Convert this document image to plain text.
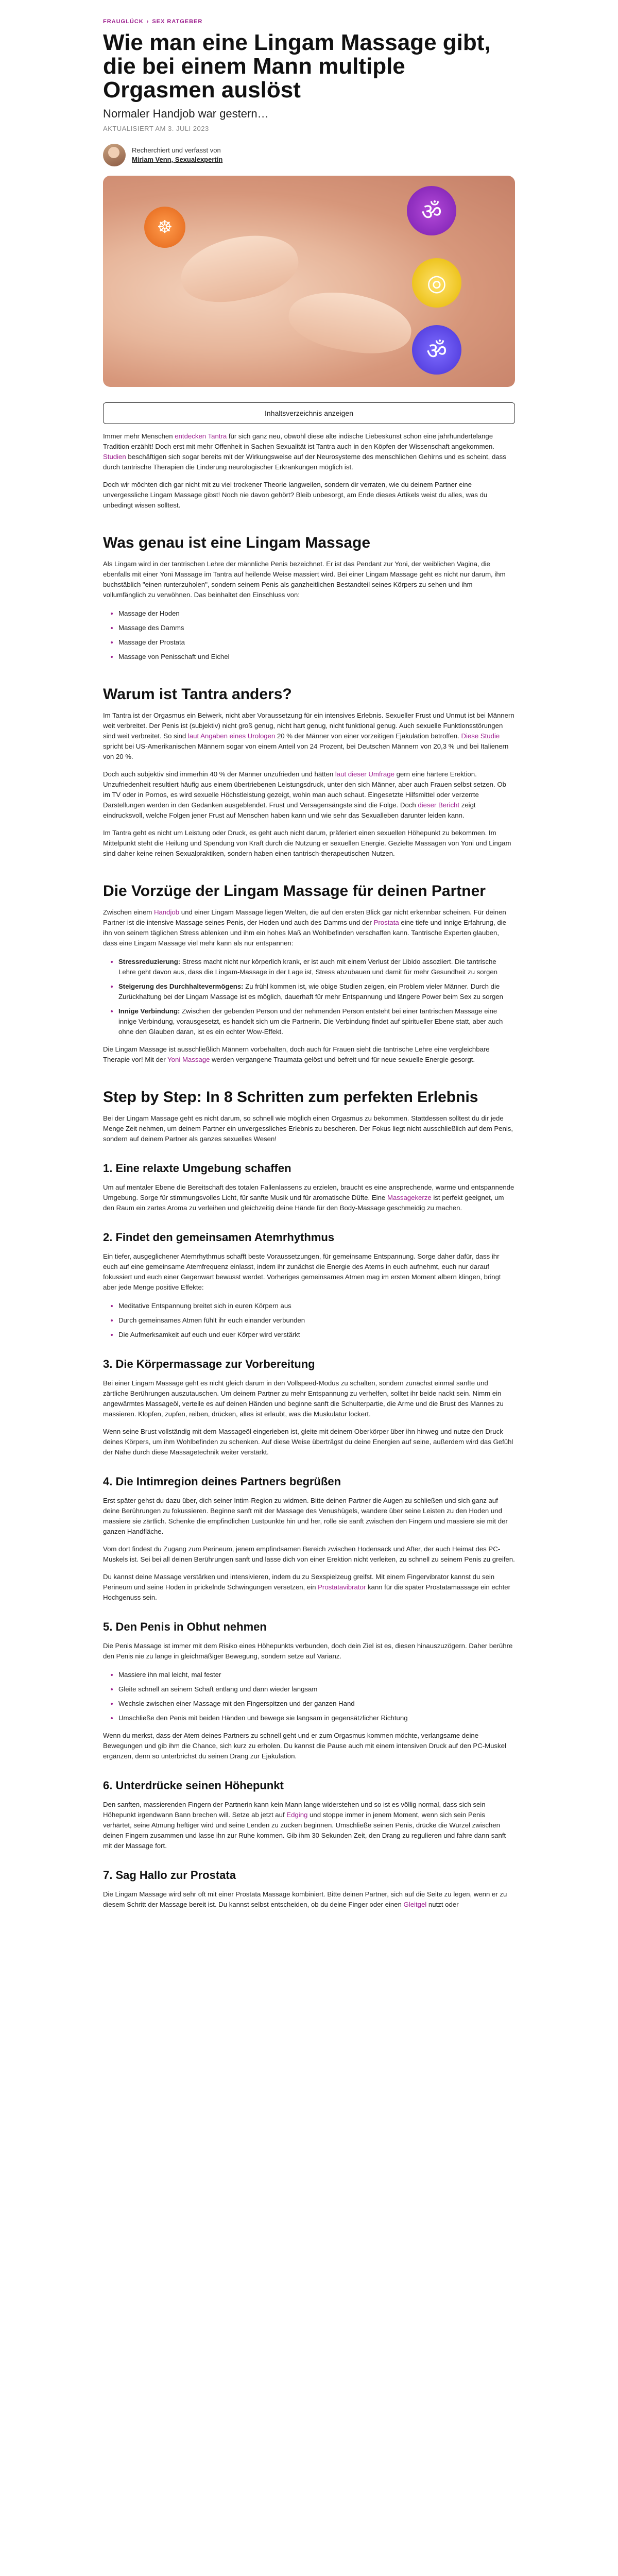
FRAUGLÜCK › SEX RATGEBER
Wie man eine Lingam Massage gibt, die bei einem Mann multiple Orgasmen auslöst
Normaler Handjob war gestern…
AKTUALISIERT AM 3. JULI 2023
Recherchiert und verfasst von
Miriam Venn, Sexualexpertin
ॐ
☸
◎
ॐ
Inhaltsverzeichnis anzeigen

Immer mehr Menschen entdecken Tantra für sich ganz neu, obwohl diese alte indische Liebeskunst schon eine jahrhundertelange Tradition erzählt! Doch erst mit mehr Offenheit in Sachen Sexualität ist Tantra auch in den Köpfen der Wissenschaft angekommen. Studien beschäftigen sich sogar bereits mit der Wirkungsweise auf der Neurosysteme des menschlichen Gehirns und es scheint, dass durch tantrische Therapien die Linderung neurologischer Erkrankungen möglich ist.

Doch wir möchten dich gar nicht mit zu viel trockener Theorie langweilen, sondern dir verraten, wie du deinem Partner eine unvergessliche Lingam Massage gibst! Noch nie davon gehört? Bleib unbesorgt, am Ende dieses Artikels weist du alles, was du unbedingt wissen solltest.

Was genau ist eine Lingam Massage

Als Lingam wird in der tantrischen Lehre der männliche Penis bezeichnet. Er ist das Pendant zur Yoni, der weiblichen Vagina, die ebenfalls mit einer Yoni Massage im Tantra auf heilende Weise massiert wird. Bei einer Lingam Massage geht es nicht nur darum, ihm buchstäblich "einen runterzuholen", sondern seinem Penis als ganzheitlichen Bestandteil seines Körpers zu sehen und ihm vollumfänglich zu verwöhnen. Das beinhaltet den Einschluss von:

• Massage der Hoden
• Massage des Damms
• Massage der Prostata
• Massage von Penisschaft und Eichel
Warum ist Tantra anders?

Im Tantra ist der Orgasmus ein Beiwerk, nicht aber Voraussetzung für ein intensives Erlebnis. Sexueller Frust und Unmut ist bei Männern weit verbreitet. Der Penis ist (subjektiv) nicht groß genug, nicht hart genug, nicht funktional genug. Auch sexuelle Funktionsstörungen sind weit verbreitet. So sind laut Angaben eines Urologen 20 % der Männer von einer vorzeitigen Ejakulation betroffen. Diese Studie spricht bei US-Amerikanischen Männern sogar von einem Anteil von 24 Prozent, bei Deutschen Männern von 20,3 % und bei Italienern von 20 %.

Doch auch subjektiv sind immerhin 40 % der Männer unzufrieden und hätten laut dieser Umfrage gern eine härtere Erektion. Unzufriedenheit resultiert häufig aus einem übertriebenen Leistungsdruck, unter den sich Männer, aber auch Frauen selbst setzen. Ob im TV oder in Pornos, es wird sexuelle Höchstleistung gezeigt, wohin man auch schaut. Eingesetzte Hilfsmittel oder verzerrte Darstellungen werden in den Gedanken ausgeblendet. Frust und Versagensängste sind die Folge. Doch dieser Bericht zeigt eindrucksvoll, welche Folgen jener Frust auf Menschen haben kann und wie sehr das Sexualleben darunter leiden kann.

Im Tantra geht es nicht um Leistung oder Druck, es geht auch nicht darum, präferiert einen sexuellen Höhepunkt zu bekommen. Im Mittelpunkt steht die Heilung und Spendung von Kraft durch die Nutzung er sexuellen Energie. Gezielte Massagen von Yoni und Lingam sind daher keine reinen Sexualpraktiken, sondern haben einen tantrisch-therapeutischen Nutzen.

Die Vorzüge der Lingam Massage für deinen Partner

Zwischen einem Handjob und einer Lingam Massage liegen Welten, die auf den ersten Blick gar nicht erkennbar scheinen. Für deinen Partner ist die intensive Massage seines Penis, der Hoden und auch des Damms und der Prostata eine tiefe und innige Erfahrung, die ihn von seinem täglichen Stress ablenken und ihm ein hohes Maß an Wohlbefinden verschaffen kann. Tantrische Experten glauben, dass eine Lingam Massage viel mehr kann als nur entspannen:

• Stressreduzierung: Stress macht nicht nur körperlich krank, er ist auch mit einem Verlust der Libido assoziiert. Die tantrische Lehre geht davon aus, dass die Lingam-Massage in der Lage ist, Stress abzubauen und damit für mehr Gesundheit zu sorgen
• Steigerung des Durchhaltevermögens: Zu frühl kommen ist, wie obige Studien zeigen, ein Problem vieler Männer. Durch die Zurückhaltung bei der Lingam Massage ist es möglich, dauerhaft für mehr Entspannung und längere Power beim Sex zu sorgen
• Innige Verbindung: Zwischen der gebenden Person und der nehmenden Person entsteht bei einer tantrischen Massage eine innige Verbindung, vorausgesetzt, es handelt sich um die Partnerin. Die Verbindung findet auf spiritueller Ebene statt, aber auch ohne den Glauben daran, ist es ein echter Wow-Effekt.

Die Lingam Massage ist ausschließlich Männern vorbehalten, doch auch für Frauen sieht die tantrische Lehre eine vergleichbare Therapie vor! Mit der Yoni Massage werden vergangene Traumata gelöst und befreit und für neue sexuelle Energie gesorgt.

Step by Step: In 8 Schritten zum perfekten Erlebnis

Bei der Lingam Massage geht es nicht darum, so schnell wie möglich einen Orgasmus zu bekommen. Stattdessen solltest du dir jede Menge Zeit nehmen, um deinem Partner ein unvergessliches Erlebnis zu bescheren. Der Fokus liegt nicht ausschließlich auf dem Penis, sondern auf deinem Partner als ganzes sexuelles Wesen!

1. Eine relaxte Umgebung schaffen

Um auf mentaler Ebene die Bereitschaft des totalen Fallenlassens zu erzielen, braucht es eine ansprechende, warme und entspannende Umgebung. Sorge für stimmungsvolles Licht, für sanfte Musik und für aromatische Düfte. Eine Massagekerze ist perfekt geeignet, um den Raum ein zartes Aroma zu verleihen und gleichzeitig deine Hände für den Body-Massage geschmeidig zu machen.

2. Findet den gemeinsamen Atemrhythmus

Ein tiefer, ausgeglichener Atemrhythmus schafft beste Voraussetzungen, für gemeinsame Entspannung. Sorge daher dafür, dass ihr euch auf eine gemeinsame Atemfrequenz einlasst, indem ihr zunächst die Energie des Atems in euch aufnehmt, euch nur darauf fokussiert und euch einer Gegenwart bewusst werdet. Vorheriges gemeinsames Atmen mag im ersten Moment albern klingen, bringt aber jede Menge positive Effekte:

• Meditative Entspannung breitet sich in euren Körpern aus
• Durch gemeinsames Atmen fühlt ihr euch einander verbunden
• Die Aufmerksamkeit auf euch und euer Körper wird verstärkt
3. Die Körpermassage zur Vorbereitung

Bei einer Lingam Massage geht es nicht gleich darum in den Vollspeed-Modus zu schalten, sondern zunächst einmal sanfte und zärtliche Berührungen auszutauschen. Um deinem Partner zu mehr Entspannung zu verhelfen, solltet ihr beide nackt sein. Nimm ein angewärmtes Massageöl, verteile es auf deinen Händen und beginne sanft die Schulterpartie, die Arme und die Brust des Mannes zu massieren. Klopfen, zupfen, reiben, drücken, alles ist erlaubt, was die Muskulatur lockert.

Wenn seine Brust vollständig mit dem Massageöl eingerieben ist, gleite mit deinem Oberkörper über ihn hinweg und nutze den Druck deines Körpers, um ihm Wohlbefinden zu schenken. Auf diese Weise überträgst du deine Energien auf seine, außerdem wird das Gefühl der Nähe durch diese Massagetechnik weiter verstärkt.

4. Die Intimregion deines Partners begrüßen

Erst später gehst du dazu über, dich seiner Intim-Region zu widmen. Bitte deinen Partner die Augen zu schließen und sich ganz auf deine Berührungen zu fokussieren. Beginne sanft mit der Massage des Venushügels, wandere über seine Leisten zu den Hoden und massiere sie zärtlich. Schenke die empfindlichen Lustpunkte hin und her, rolle sie sanft zwischen den Fingern und massiere sie mit der ganzen Handfläche.

Vom dort findest du Zugang zum Perineum, jenem empfindsamen Bereich zwischen Hodensack und After, der auch Heimat des PC-Muskels ist. Sei bei all deinen Berührungen sanft und lasse dich von einer Erektion nicht verleiten, zu schnell zu seinem Penis zu greifen.

Du kannst deine Massage verstärken und intensivieren, indem du zu Sexspielzeug greifst. Mit einem Fingervibrator kannst du sein Perineum und seine Hoden in prickelnde Schwingungen versetzen, ein Prostatavibrator kann für die später Prostatamassage ein echter Hochgenuss sein.

5. Den Penis in Obhut nehmen

Die Penis Massage ist immer mit dem Risiko eines Höhepunkts verbunden, doch dein Ziel ist es, diesen hinauszuzögern. Daher berühre den Penis nie zu lange in gleichmäßiger Bewegung, sondern setze auf Varianz.

• Massiere ihn mal leicht, mal fester
• Gleite schnell an seinem Schaft entlang und dann wieder langsam
• Wechsle zwischen einer Massage mit den Fingerspitzen und der ganzen Hand
• Umschließe den Penis mit beiden Händen und bewege sie langsam in gegensätzlicher Richtung

Wenn du merkst, dass der Atem deines Partners zu schnell geht und er zum Orgasmus kommen möchte, verlangsame deine Bewegungen und gib ihm die Chance, sich kurz zu erholen. Du kannst die Pause auch mit einem intensiven Druck auf den PC-Muskel ergänzen, denn so unterbrichst du seinen Drang zur Ejakulation.

6. Unterdrücke seinen Höhepunkt

Den sanften, massierenden Fingern der Partnerin kann kein Mann lange widerstehen und so ist es völlig normal, dass sich sein Höhepunkt irgendwann Bann brechen will. Setze ab jetzt auf Edging und stoppe immer in jenem Moment, wenn sich sein Penis verhärtet, seine Atmung heftiger wird und seine Lenden zu zucken beginnen. Umschließe seinen Penis, drücke die Wurzel zwischen deinen Fingern zusammen und lasse ihn zur Ruhe kommen. Gib ihm 30 Sekunden Zeit, den Drang zu regulieren und fahre dann sanft mit der Massage fort.

7. Sag Hallo zur Prostata

Die Lingam Massage wird sehr oft mit einer Prostata Massage kombiniert. Bitte deinen Partner, sich auf die Seite zu legen, wenn er zu diesem Schritt der Massage bereit ist. Du kannst selbst entscheiden, ob du deine Finger oder einen Gleitgel nutzt oder
